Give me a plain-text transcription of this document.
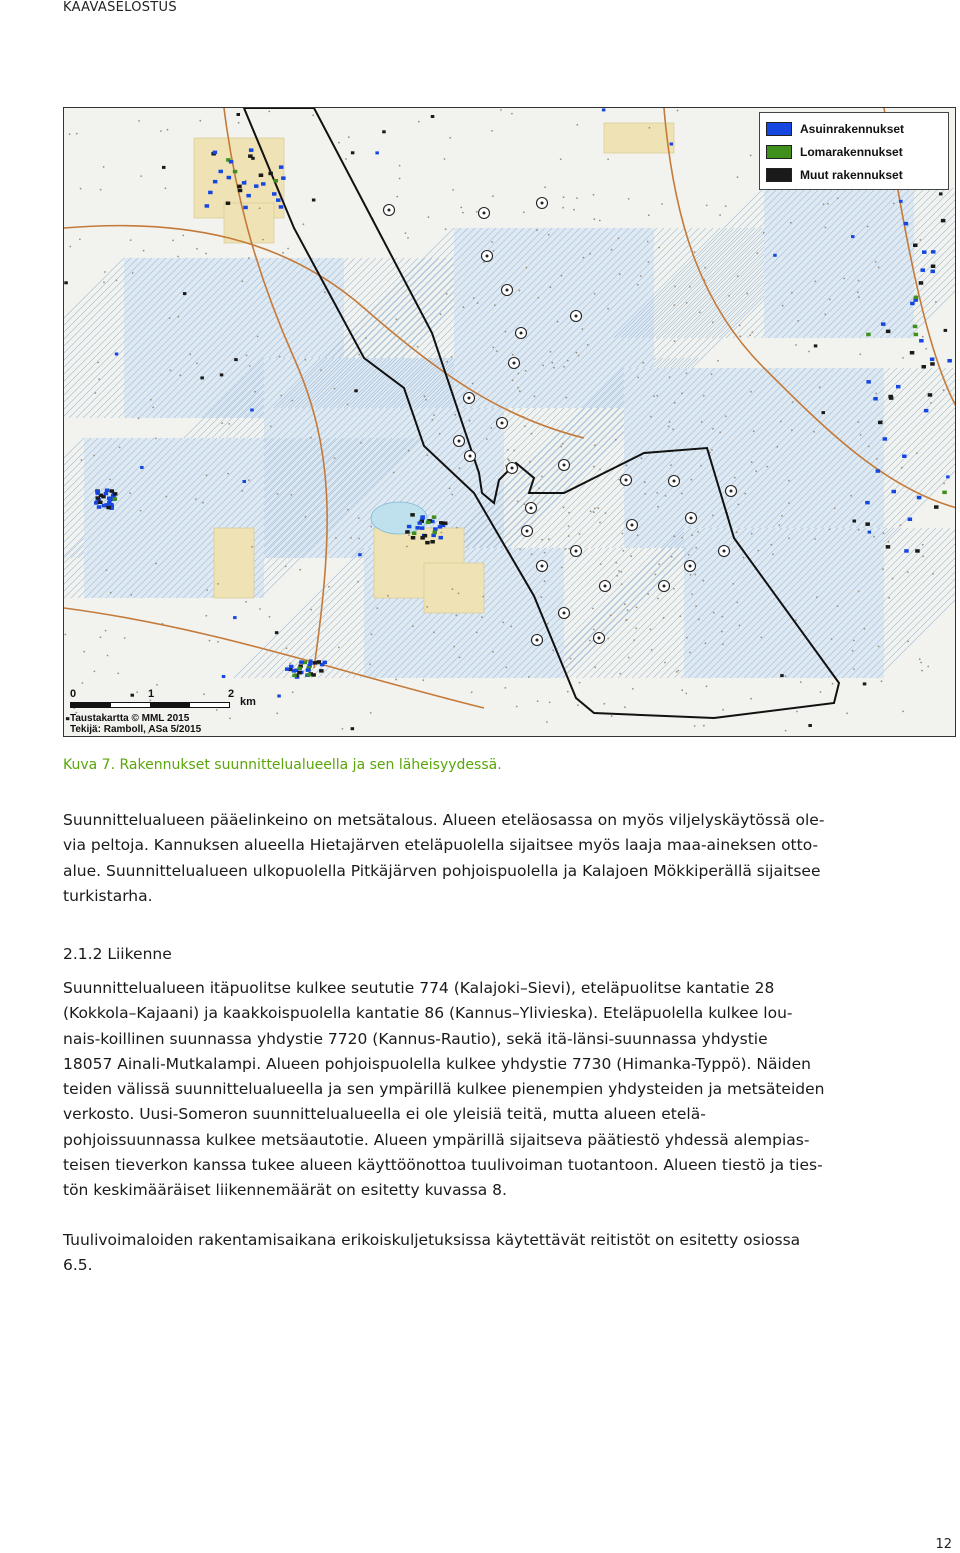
KAAVASELOSTUS
Asuinrakennukset
Lomarakennukset
Muut rakennukset
0	1	2
km
Taustakartta © MML 2015
Tekijä: Ramboll, ASa 5/2015
Kuva 7. Rakennukset suunnittelualueella ja sen läheisyydessä.
Suunnittelualueen pääelinkeino on metsätalous. Alueen eteläosassa on myös viljelyskäytössä ole-
via peltoja. Kannuksen alueella Hietajärven eteläpuolella sijaitsee myös laaja maa-aineksen otto-
alue. Suunnittelualueen ulkopuolella Pitkäjärven pohjoispuolella ja Kalajoen Mökkiperällä sijaitsee
turkistarha.
2.1.2 Liikenne
Suunnittelualueen itäpuolitse kulkee seututie 774 (Kalajoki–Sievi), eteläpuolitse kantatie 28
(Kokkola–Kajaani) ja kaakkoispuolella kantatie 86 (Kannus–Ylivieska). Eteläpuolella kulkee lou-
nais-koillinen suunnassa yhdystie 7720 (Kannus-Rautio), sekä itä-länsi-suunnassa yhdystie
18057 Ainali-Mutkalampi. Alueen pohjoispuolella kulkee yhdystie 7730 (Himanka-Typpö). Näiden
teiden välissä suunnittelualueella ja sen ympärillä kulkee pienempien yhdysteiden ja metsäteiden
verkosto. Uusi-Someron suunnittelualueella ei ole yleisiä teitä, mutta alueen etelä-
pohjoissuunnassa kulkee metsäautotie. Alueen ympärillä sijaitseva päätiestö yhdessä alempias-
teisen tieverkon kanssa tukee alueen käyttöönottoa tuulivoiman tuotantoon. Alueen tiestö ja ties-
tön keskimääräiset liikennemäärät on esitetty kuvassa 8.
Tuulivoimaloiden rakentamisaikana erikoiskuljetuksissa käytettävät reitistöt on esitetty osiossa
6.5.
12
